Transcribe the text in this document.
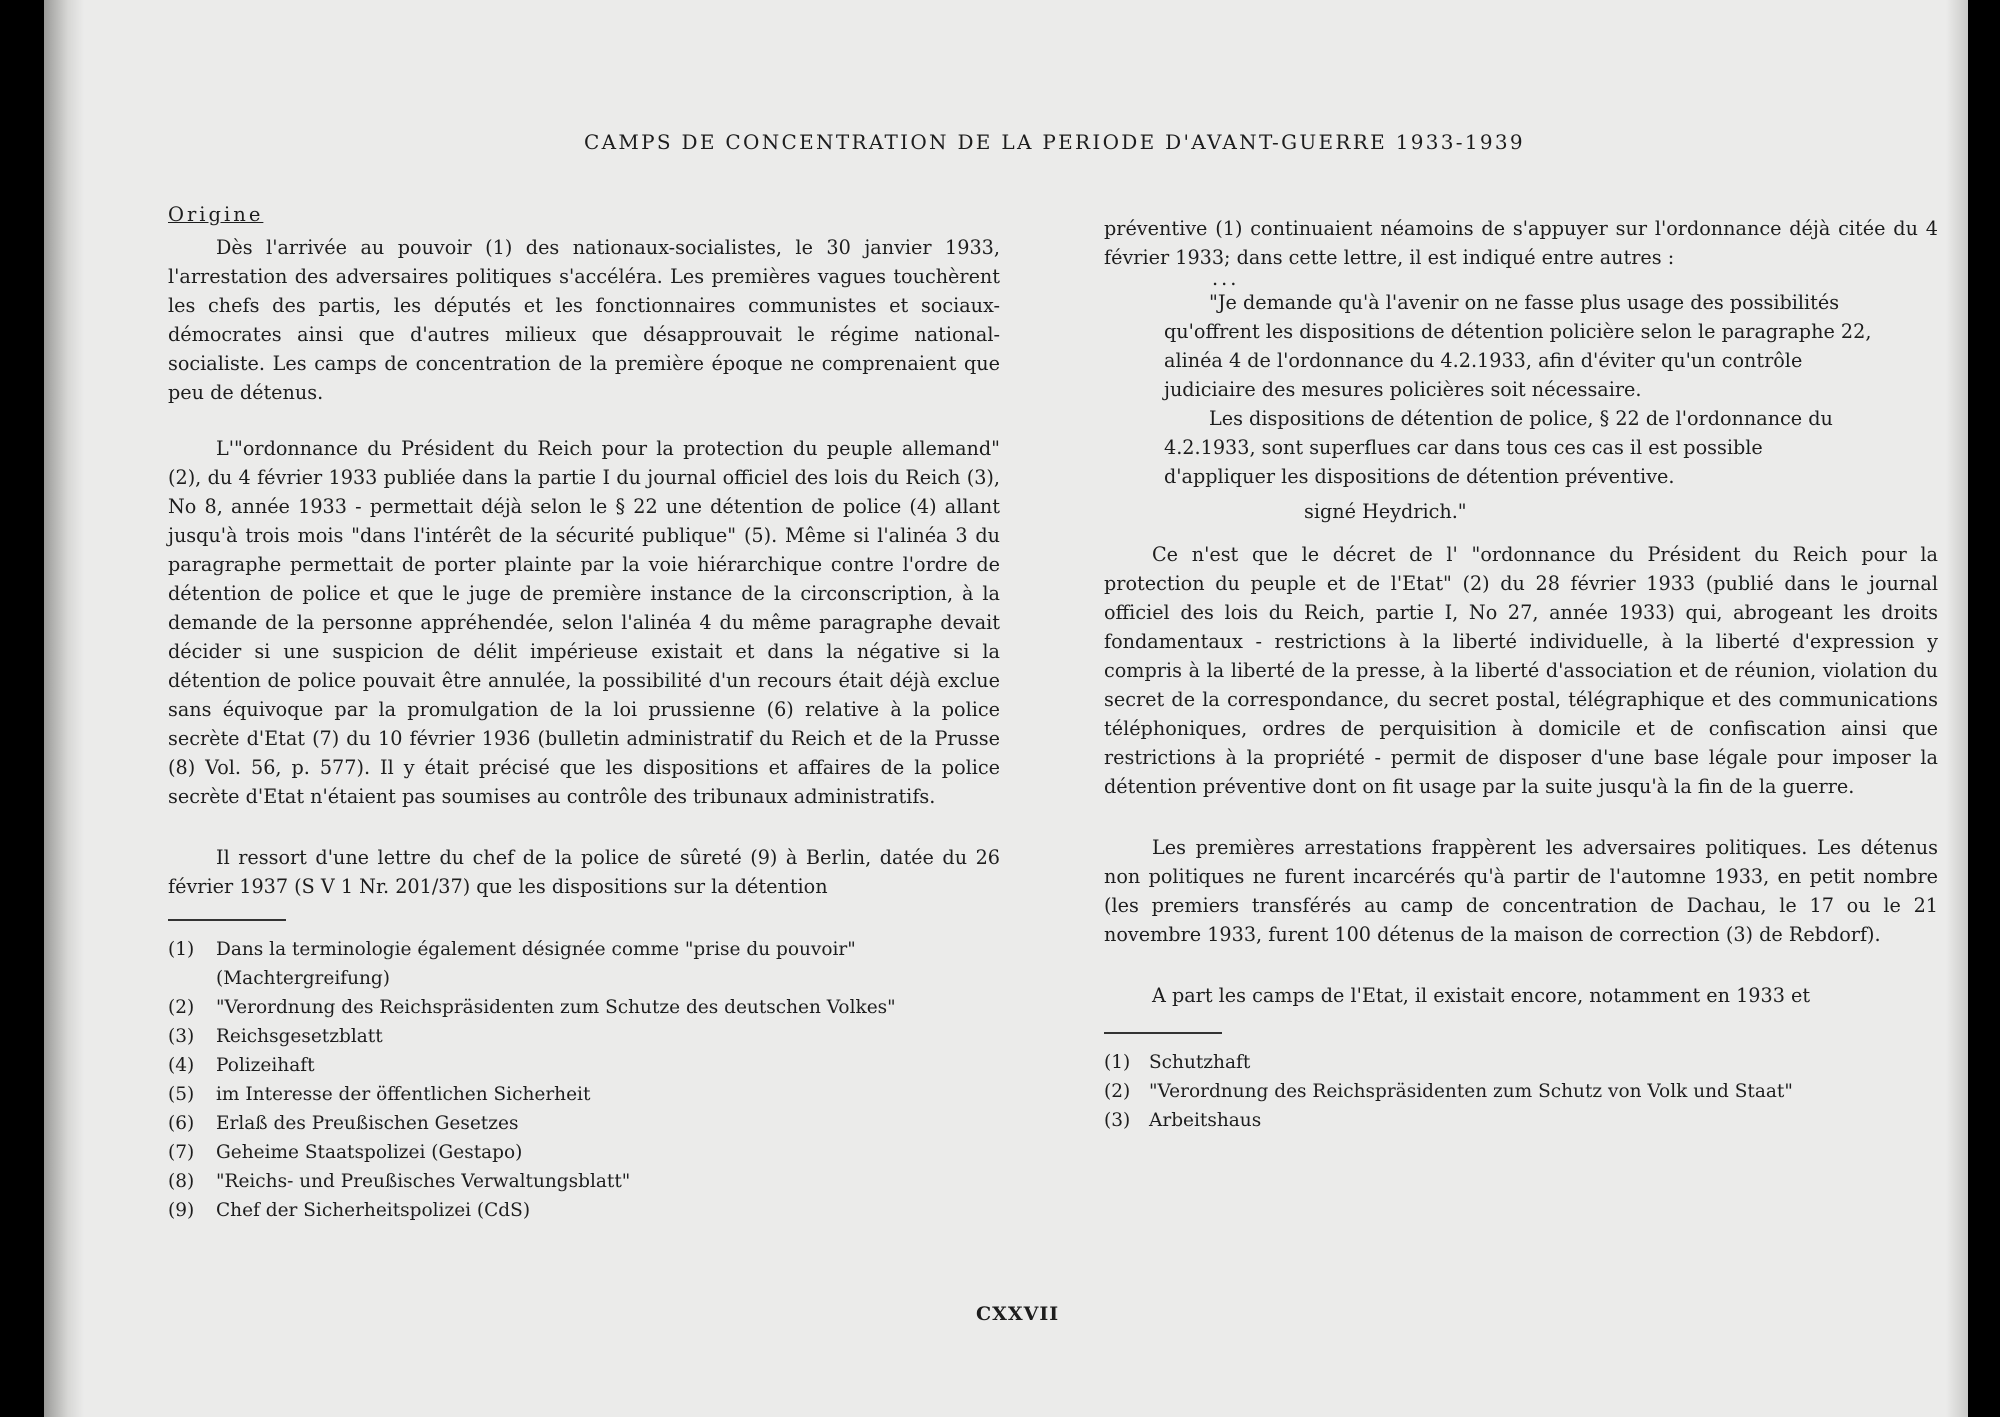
CAMPS DE CONCENTRATION DE LA PERIODE D'AVANT-GUERRE 1933-1939
Origine

Dès l'arrivée au pouvoir (1) des nationaux-socialistes, le 30 janvier 1933, l'arrestation des adversaires politiques s'accéléra. Les premières vagues touchèrent les chefs des partis, les députés et les fonctionnaires communistes et sociaux-démocrates ainsi que d'autres milieux que désapprouvait le régime national-socialiste. Les camps de concentration de la première époque ne comprenaient que peu de détenus.

L'"ordonnance du Président du Reich pour la protection du peuple allemand" (2), du 4 février 1933 publiée dans la partie I du journal officiel des lois du Reich (3), No 8, année 1933 - permettait déjà selon le § 22 une détention de police (4) allant jusqu'à trois mois "dans l'intérêt de la sécurité publique" (5). Même si l'alinéa 3 du paragraphe permettait de porter plainte par la voie hiérarchique contre l'ordre de détention de police et que le juge de première instance de la circonscription, à la demande de la personne appréhendée, selon l'alinéa 4 du même paragraphe devait décider si une suspicion de délit impérieuse existait et dans la négative si la détention de police pouvait être annulée, la possibilité d'un recours était déjà exclue sans équivoque par la promulgation de la loi prussienne (6) relative à la police secrète d'Etat (7) du 10 février 1936 (bulletin administratif du Reich et de la Prusse (8) Vol. 56, p. 577). Il y était précisé que les dispositions et affaires de la police secrète d'Etat n'étaient pas soumises au contrôle des tribunaux administratifs.

Il ressort d'une lettre du chef de la police de sûreté (9) à Berlin, datée du 26 février 1937 (S V 1 Nr. 201/37) que les dispositions sur la détention

(1)	Dans la terminologie également désignée comme "prise du pouvoir" (Machtergreifung)
(2)	"Verordnung des Reichspräsidenten zum Schutze des deutschen Volkes"
(3)	Reichsgesetzblatt
(4)	Polizeihaft
(5)	im Interesse der öffentlichen Sicherheit
(6)	Erlaß des Preußischen Gesetzes
(7)	Geheime Staatspolizei (Gestapo)
(8)	"Reichs- und Preußisches Verwaltungsblatt"
(9)	Chef der Sicherheitspolizei (CdS)

préventive (1) continuaient néamoins de s'appuyer sur l'ordonnance déjà citée du 4 février 1933; dans cette lettre, il est indiqué entre autres :

...

"Je demande qu'à l'avenir on ne fasse plus usage des possibilités qu'offrent les dispositions de détention policière selon le paragraphe 22, alinéa 4 de l'ordonnance du 4.2.1933, afin d'éviter qu'un contrôle judiciaire des mesures policières soit nécessaire.

Les dispositions de détention de police, § 22 de l'ordonnance du 4.2.1933, sont superflues car dans tous ces cas il est possible d'appliquer les dispositions de détention préventive.

signé Heydrich."

Ce n'est que le décret de l' "ordonnance du Président du Reich pour la protection du peuple et de l'Etat" (2) du 28 février 1933 (publié dans le journal officiel des lois du Reich, partie I, No 27, année 1933) qui, abrogeant les droits fondamentaux - restrictions à la liberté individuelle, à la liberté d'expression y compris à la liberté de la presse, à la liberté d'association et de réunion, violation du secret de la correspondance, du secret postal, télégraphique et des communications téléphoniques, ordres de perquisition à domicile et de confiscation ainsi que restrictions à la propriété - permit de disposer d'une base légale pour imposer la détention préventive dont on fit usage par la suite jusqu'à la fin de la guerre.

Les premières arrestations frappèrent les adversaires politiques. Les détenus non politiques ne furent incarcérés qu'à partir de l'automne 1933, en petit nombre (les premiers transférés au camp de concentration de Dachau, le 17 ou le 21 novembre 1933, furent 100 détenus de la maison de correction (3) de Rebdorf).

A part les camps de l'Etat, il existait encore, notamment en 1933 et

(1)	Schutzhaft
(2)	"Verordnung des Reichspräsidenten zum Schutz von Volk und Staat"
(3)	Arbeitshaus
CXXVII
